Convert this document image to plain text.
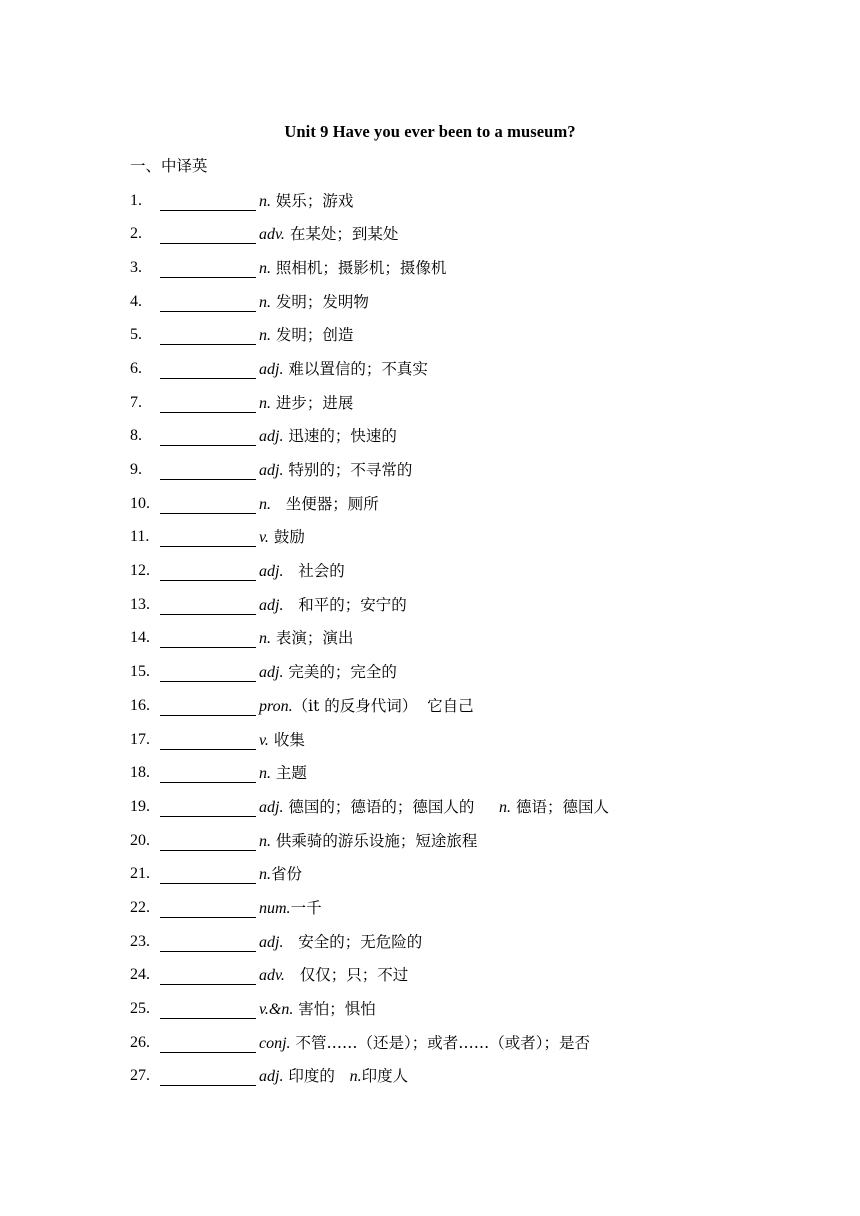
Unit 9 Have you ever been to a museum?
一、中译英
1.	n. 娱乐；游戏
2.	adv. 在某处；到某处
3.	n. 照相机；摄影机；摄像机
4.	n. 发明；发明物
5.	n. 发明；创造
6.	adj. 难以置信的；不真实
7.	n. 进步；进展
8.	adj. 迅速的；快速的
9.	adj. 特别的；不寻常的
10.	n.   坐便器；厕所
11.	v. 鼓励
12.	adj.   社会的
13.	adj.   和平的；安宁的
14.	n. 表演；演出
15.	adj. 完美的；完全的
16.	pron.（it 的反身代词）  它自己
17.	v. 收集
18.	n. 主题
19.	adj. 德国的；德语的；德国人的     n. 德语；德国人
20.	n. 供乘骑的游乐设施；短途旅程
21.	n.省份
22.	num.一千
23.	adj.   安全的；无危险的
24.	adv.   仅仅；只；不过
25.	v.&n. 害怕；惧怕
26.	conj. 不管……（还是）；或者……（或者）；是否
27.	adj. 印度的   n.印度人
